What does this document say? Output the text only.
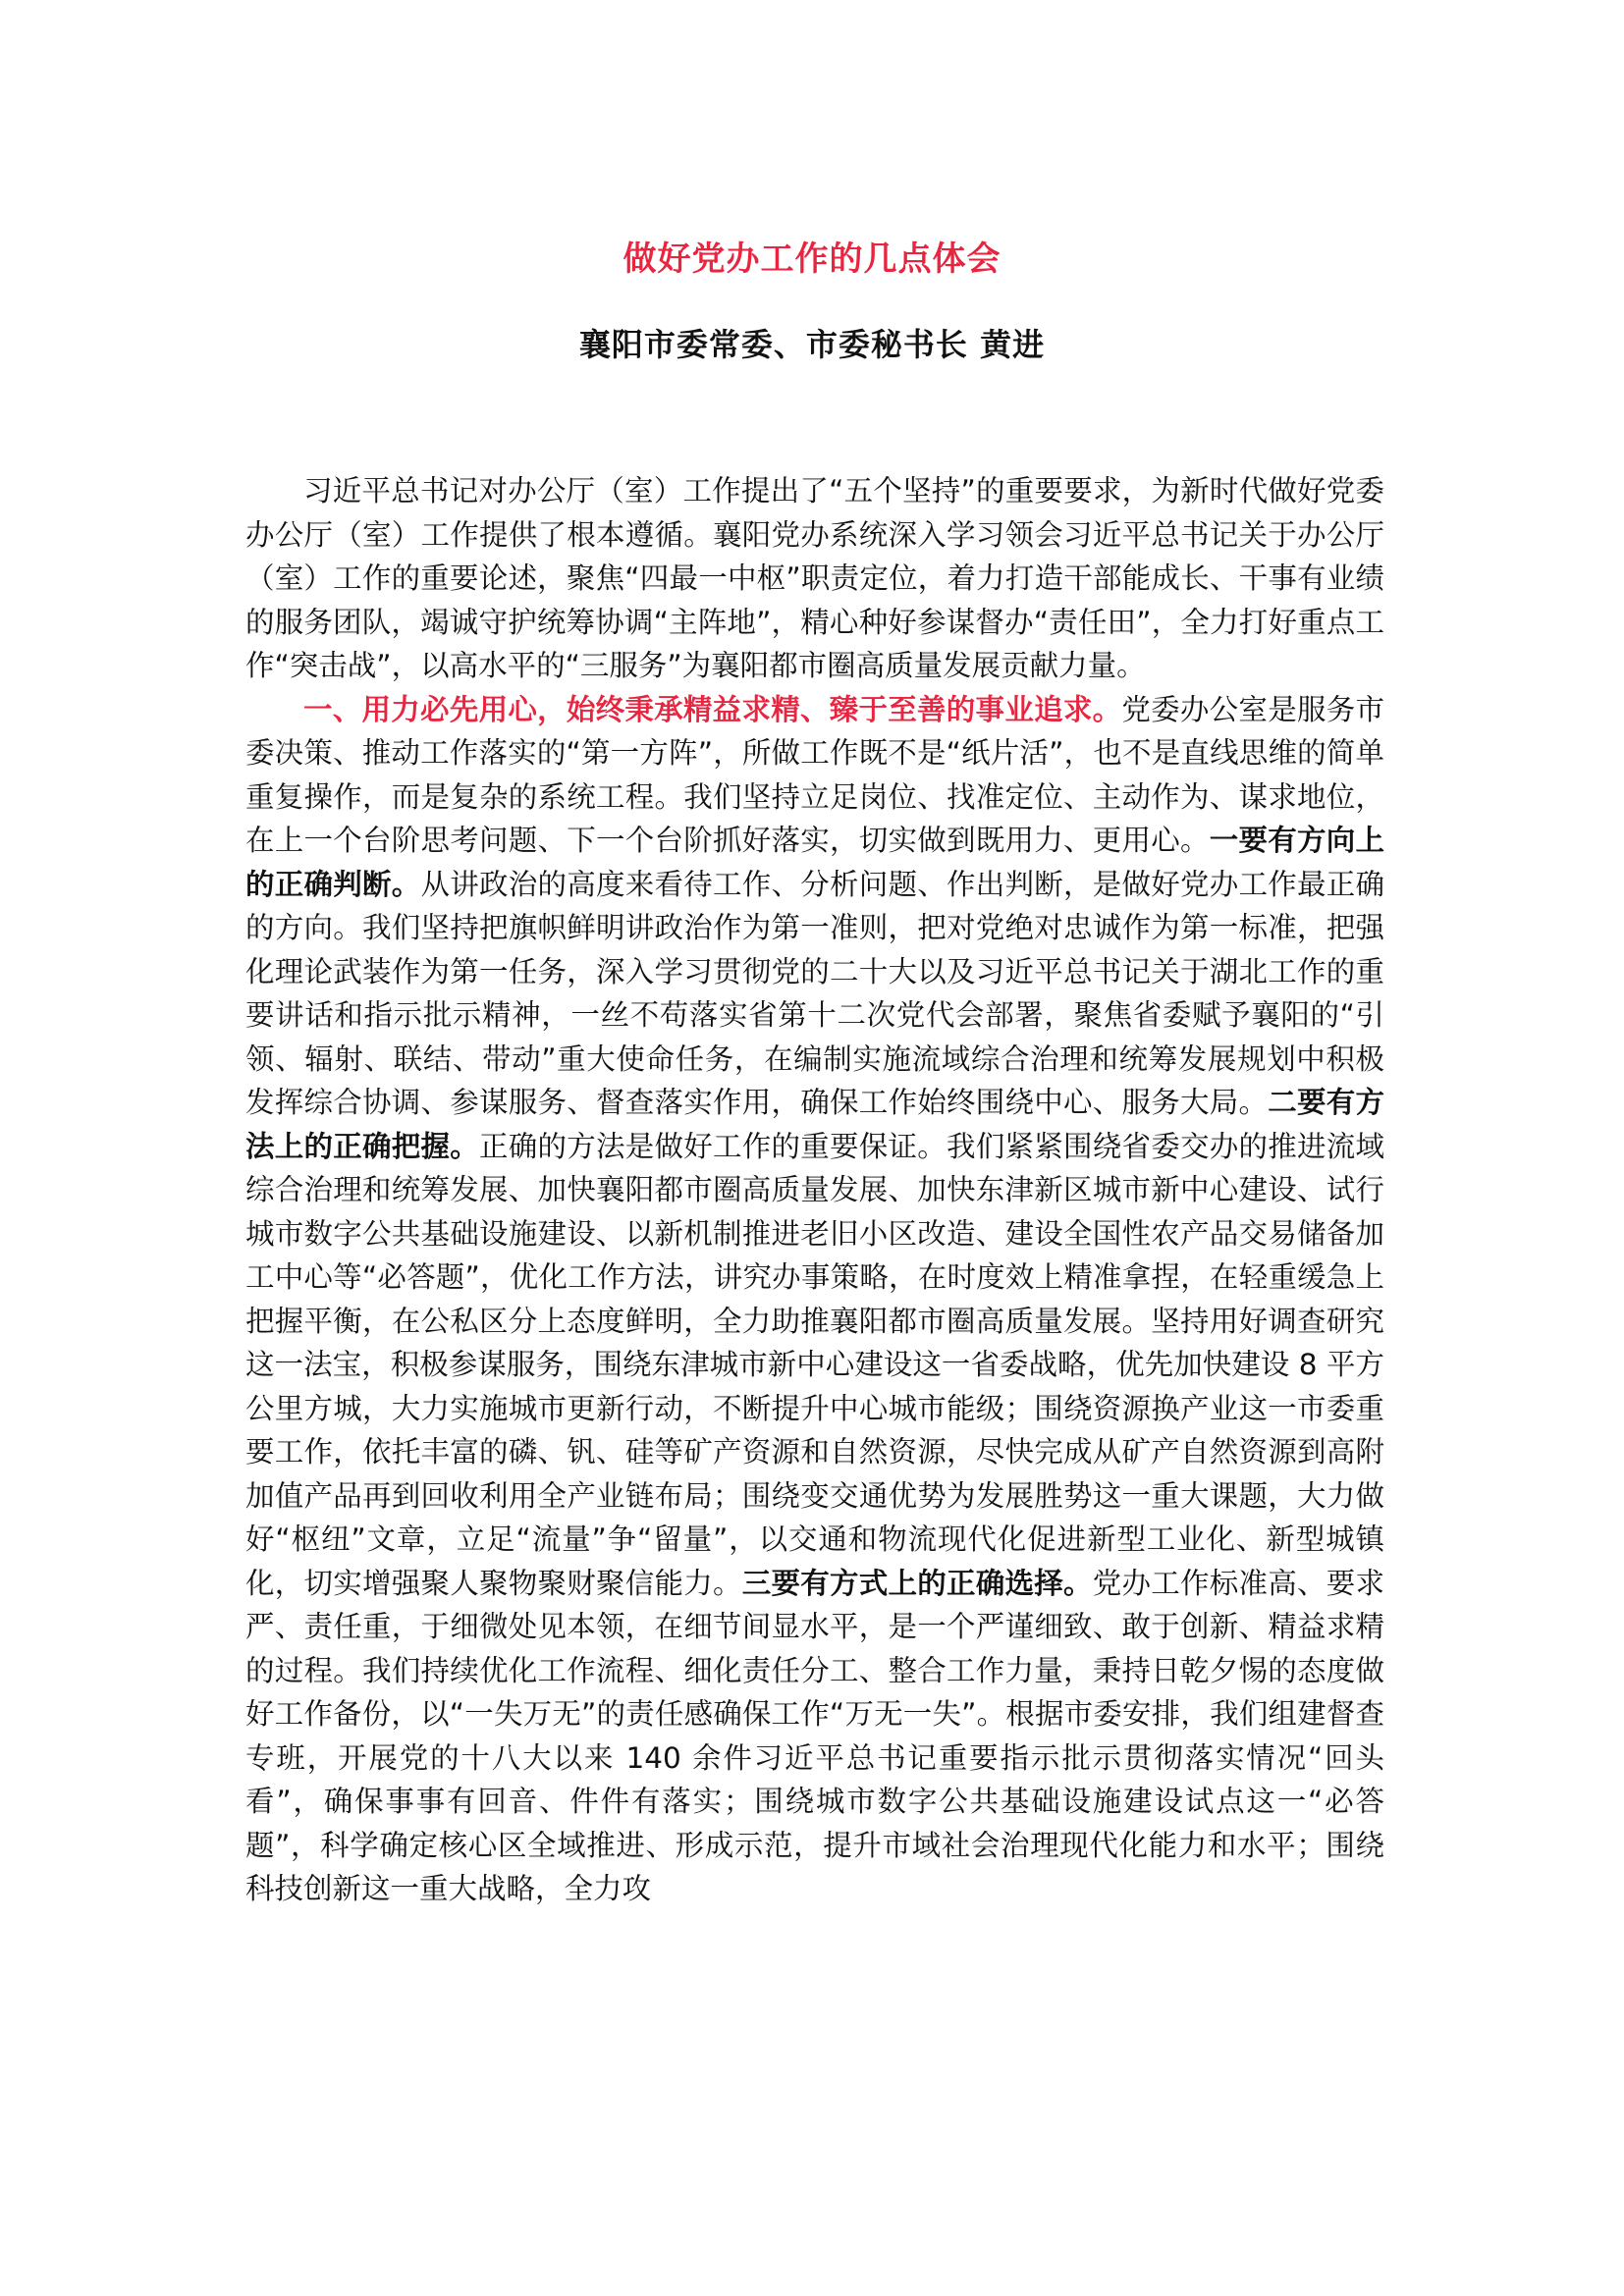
做好党办工作的几点体会
襄阳市委常委、市委秘书长 黄进

习近平总书记对办公厅（室）工作提出了“五个坚持”的重要要求，为新时代做好党委办公厅（室）工作提供了根本遵循。襄阳党办系统深入学习领会习近平总书记关于办公厅（室）工作的重要论述，聚焦“四最一中枢”职责定位，着力打造干部能成长、干事有业绩的服务团队，竭诚守护统筹协调“主阵地”，精心种好参谋督办“责任田”，全力打好重点工作“突击战”，以高水平的“三服务”为襄阳都市圈高质量发展贡献力量。

一、用力必先用心，始终秉承精益求精、臻于至善的事业追求。党委办公室是服务市委决策、推动工作落实的“第一方阵”，所做工作既不是“纸片活”，也不是直线思维的简单重复操作，而是复杂的系统工程。我们坚持立足岗位、找准定位、主动作为、谋求地位，在上一个台阶思考问题、下一个台阶抓好落实，切实做到既用力、更用心。一要有方向上的正确判断。从讲政治的高度来看待工作、分析问题、作出判断，是做好党办工作最正确的方向。我们坚持把旗帜鲜明讲政治作为第一准则，把对党绝对忠诚作为第一标准，把强化理论武装作为第一任务，深入学习贯彻党的二十大以及习近平总书记关于湖北工作的重要讲话和指示批示精神，一丝不苟落实省第十二次党代会部署，聚焦省委赋予襄阳的“引领、辐射、联结、带动”重大使命任务，在编制实施流域综合治理和统筹发展规划中积极发挥综合协调、参谋服务、督查落实作用，确保工作始终围绕中心、服务大局。二要有方法上的正确把握。正确的方法是做好工作的重要保证。我们紧紧围绕省委交办的推进流域综合治理和统筹发展、加快襄阳都市圈高质量发展、加快东津新区城市新中心建设、试行城市数字公共基础设施建设、以新机制推进老旧小区改造、建设全国性农产品交易储备加工中心等“必答题”，优化工作方法，讲究办事策略，在时度效上精准拿捏，在轻重缓急上把握平衡，在公私区分上态度鲜明，全力助推襄阳都市圈高质量发展。坚持用好调查研究这一法宝，积极参谋服务，围绕东津城市新中心建设这一省委战略，优先加快建设 8 平方公里方城，大力实施城市更新行动，不断提升中心城市能级；围绕资源换产业这一市委重要工作，依托丰富的磷、钒、硅等矿产资源和自然资源，尽快完成从矿产自然资源到高附加值产品再到回收利用全产业链布局；围绕变交通优势为发展胜势这一重大课题，大力做好“枢纽”文章，立足“流量”争“留量”，以交通和物流现代化促进新型工业化、新型城镇化，切实增强聚人聚物聚财聚信能力。三要有方式上的正确选择。党办工作标准高、要求严、责任重，于细微处见本领，在细节间显水平，是一个严谨细致、敢于创新、精益求精的过程。我们持续优化工作流程、细化责任分工、整合工作力量，秉持日乾夕惕的态度做好工作备份，以“一失万无”的责任感确保工作“万无一失”。根据市委安排，我们组建督查专班，开展党的十八大以来 140 余件习近平总书记重要指示批示贯彻落实情况“回头看”，确保事事有回音、件件有落实；围绕城市数字公共基础设施建设试点这一“必答题”，科学确定核心区全域推进、形成示范，提升市域社会治理现代化能力和水平；围绕科技创新这一重大战略，全力攻
